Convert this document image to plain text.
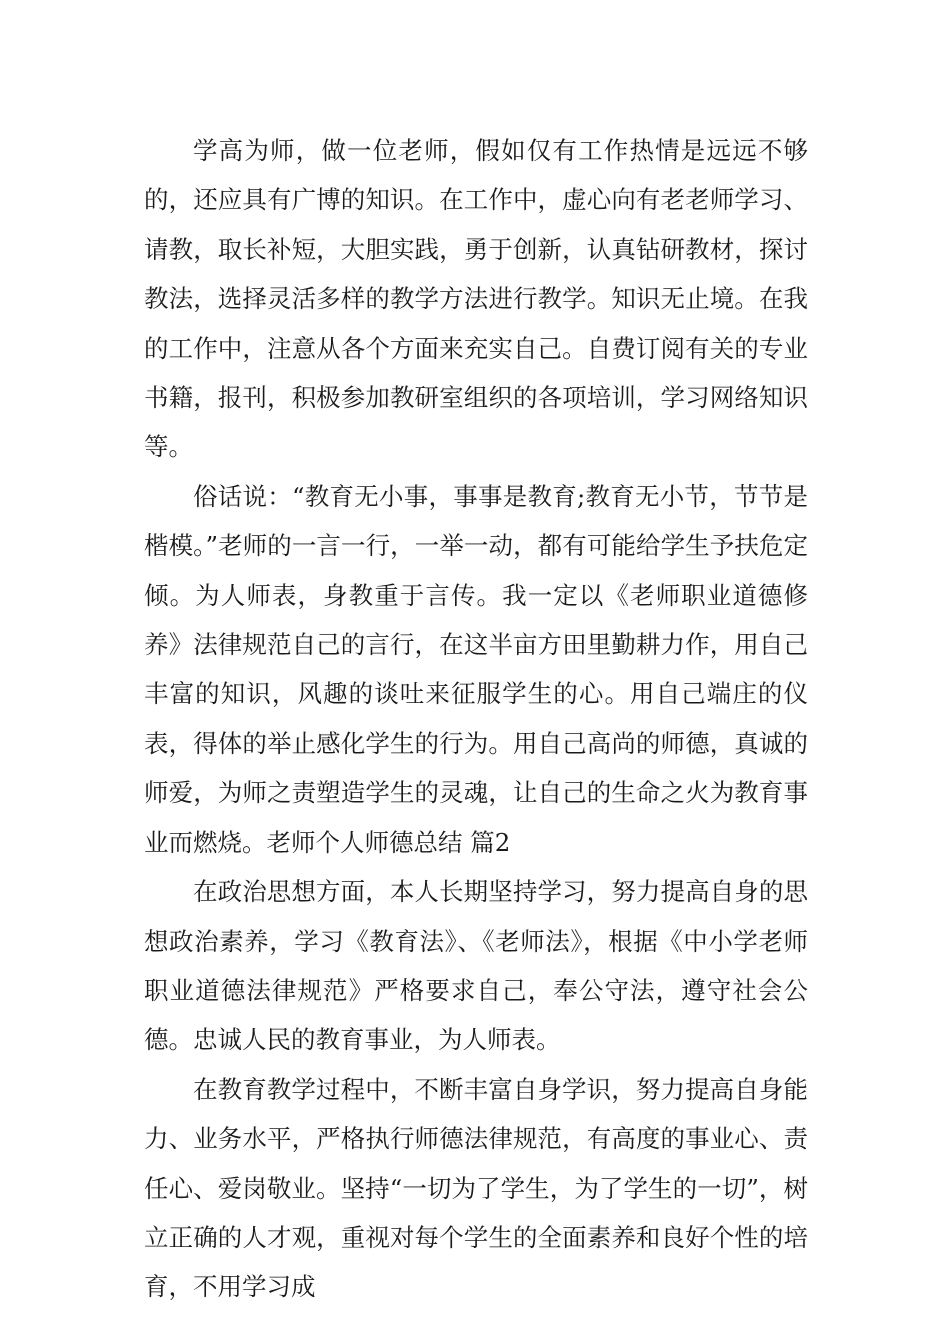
学高为师，做一位老师，假如仅有工作热情是远远不够的，还应具有广博的知识。在工作中，虚心向有老老师学习、请教，取长补短，大胆实践，勇于创新，认真钻研教材，探讨教法，选择灵活多样的教学方法进行教学。知识无止境。在我的工作中，注意从各个方面来充实自己。自费订阅有关的专业书籍，报刊，积极参加教研室组织的各项培训，学习网络知识等。

俗话说：“教育无小事，事事是教育;教育无小节，节节是楷模。”老师的一言一行，一举一动，都有可能给学生予扶危定倾。为人师表，身教重于言传。我一定以《老师职业道德修养》法律规范自己的言行，在这半亩方田里勤耕力作，用自己丰富的知识，风趣的谈吐来征服学生的心。用自己端庄的仪表，得体的举止感化学生的行为。用自己高尚的师德，真诚的师爱，为师之责塑造学生的灵魂，让自己的生命之火为教育事业而燃烧。老师个人师德总结 篇2

在政治思想方面，本人长期坚持学习，努力提高自身的思想政治素养，学习《教育法》、《老师法》，根据《中小学老师职业道德法律规范》严格要求自己，奉公守法，遵守社会公德。忠诚人民的教育事业，为人师表。

在教育教学过程中，不断丰富自身学识，努力提高自身能力、业务水平，严格执行师德法律规范，有高度的事业心、责任心、爱岗敬业。坚持“一切为了学生，为了学生的一切”，树立正确的人才观，重视对每个学生的全面素养和良好个性的培育，不用学习成
